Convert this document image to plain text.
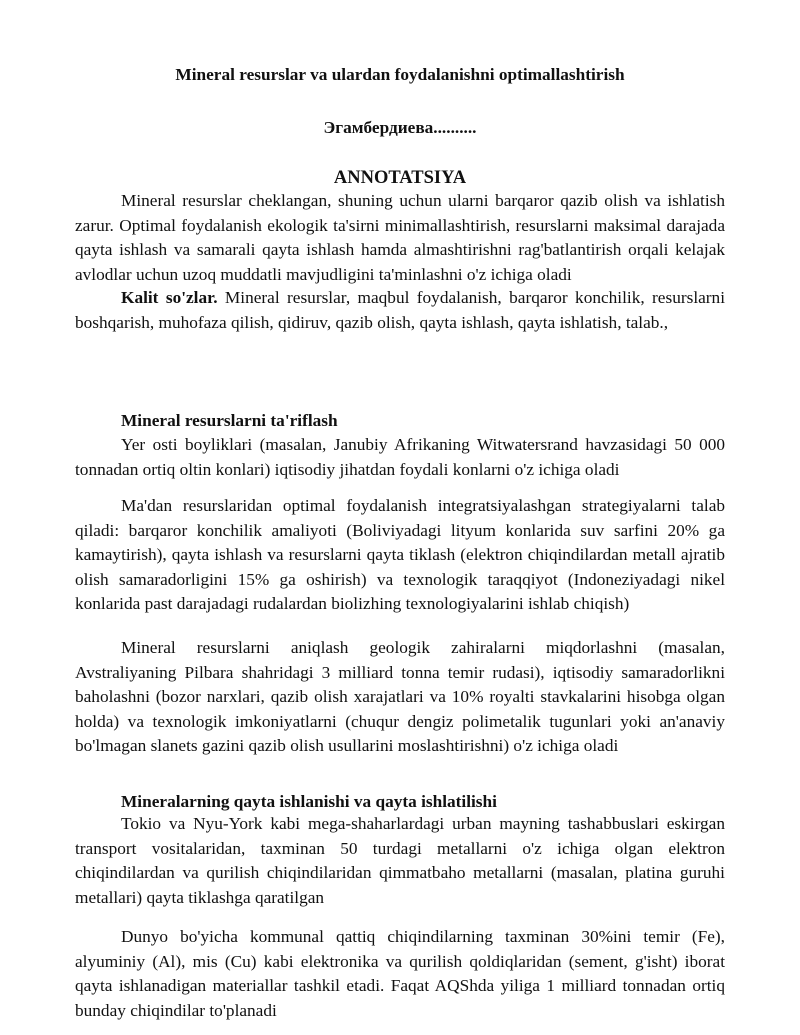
Mineral resurslar va ulardan foydalanishni optimallashtirish
Эгамбердиева..........
ANNOTATSIYA
Mineral resurslar cheklangan, shuning uchun ularni barqaror qazib olish va ishlatish zarur. Optimal foydalanish ekologik ta'sirni minimallashtirish, resurslarni maksimal darajada qayta ishlash va samarali qayta ishlash hamda almashtirishni rag'batlantirish orqali kelajak avlodlar uchun uzoq muddatli mavjudligini ta'minlashni o'z ichiga oladi
Kalit so'zlar. Mineral resurslar, maqbul foydalanish, barqaror konchilik, resurslarni boshqarish, muhofaza qilish, qidiruv, qazib olish, qayta ishlash, qayta ishlatish, talab.,
Mineral resurslarni ta'riflash
Yer osti boyliklari (masalan, Janubiy Afrikaning Witwatersrand havzasidagi 50 000 tonnadan ortiq oltin konlari) iqtisodiy jihatdan foydali konlarni o'z ichiga oladi
Ma'dan resurslaridan optimal foydalanish integratsiyalashgan strategiyalarni talab qiladi: barqaror konchilik amaliyoti (Boliviyadagi lityum konlarida suv sarfini 20% ga kamaytirish), qayta ishlash va resurslarni qayta tiklash (elektron chiqindilardan metall ajratib olish samaradorligini 15% ga oshirish) va texnologik taraqqiyot (Indoneziyadagi nikel konlarida past darajadagi rudalardan biolizhing texnologiyalarini ishlab chiqish)
Mineral resurslarni aniqlash geologik zahiralarni miqdorlashni (masalan, Avstraliyaning Pilbara shahridagi 3 milliard tonna temir rudasi), iqtisodiy samaradorlikni baholashni (bozor narxlari, qazib olish xarajatlari va 10% royalti stavkalarini hisobga olgan holda) va texnologik imkoniyatlarni (chuqur dengiz polimetalik tugunlari yoki an'anaviy bo'lmagan slanets gazini qazib olish usullarini moslashtirishni) o'z ichiga oladi
Mineralarning qayta ishlanishi va qayta ishlatilishi
Tokio va Nyu-York kabi mega-shaharlardagi urban mayning tashabbuslari eskirgan transport vositalaridan, taxminan 50 turdagi metallarni o'z ichiga olgan elektron chiqindilardan va qurilish chiqindilaridan qimmatbaho metallarni (masalan, platina guruhi metallari) qayta tiklashga qaratilgan
Dunyo bo'yicha kommunal qattiq chiqindilarning taxminan 30%ini temir (Fe), alyuminiy (Al), mis (Cu) kabi elektronika va qurilish qoldiqlaridan (sement, g'isht) iborat qayta ishlanadigan materiallar tashkil etadi. Faqat AQShda yiliga 1 milliard tonnadan ortiq bunday chiqindilar to'planadi
